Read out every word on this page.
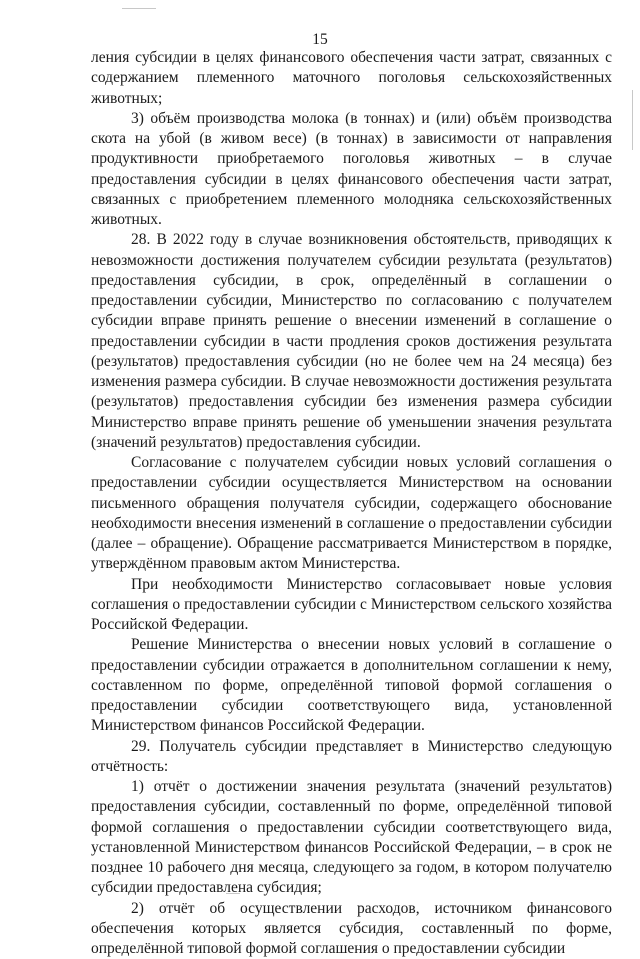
15

ления субсидии в целях финансового обеспечения части затрат, связанных с содержанием племенного маточного поголовья сельскохозяйственных животных;

3) объём производства молока (в тоннах) и (или) объём производства скота на убой (в живом весе) (в тоннах) в зависимости от направления продуктивности приобретаемого поголовья животных – в случае предоставления субсидии в целях финансового обеспечения части затрат, связанных с приобретением племенного молодняка сельскохозяйственных животных.

28. В 2022 году в случае возникновения обстоятельств, приводящих к невозможности достижения получателем субсидии результата (результатов) предоставления субсидии, в срок, определённый в соглашении о предоставлении субсидии, Министерство по согласованию с получателем субсидии вправе принять решение о внесении изменений в соглашение о предоставлении субсидии в части продления сроков достижения результата (результатов) предоставления субсидии (но не более чем на 24 месяца) без изменения размера субсидии. В случае невозможности достижения результата (результатов) предоставления субсидии без изменения размера субсидии Министерство вправе принять решение об уменьшении значения результата (значений результатов) предоставления субсидии.

Согласование с получателем субсидии новых условий соглашения о предоставлении субсидии осуществляется Министерством на основании письменного обращения получателя субсидии, содержащего обоснование необходимости внесения изменений в соглашение о предоставлении субсидии (далее – обращение). Обращение рассматривается Министерством в порядке, утверждённом правовым актом Министерства.

При необходимости Министерство согласовывает новые условия соглашения о предоставлении субсидии с Министерством сельского хозяйства Российской Федерации.

Решение Министерства о внесении новых условий в соглашение о предоставлении субсидии отражается в дополнительном соглашении к нему, составленном по форме, определённой типовой формой соглашения о предоставлении субсидии соответствующего вида, установленной Министерством финансов Российской Федерации.

29. Получатель субсидии представляет в Министерство следующую отчётность:

1) отчёт о достижении значения результата (значений результатов) предоставления субсидии, составленный по форме, определённой типовой формой соглашения о предоставлении субсидии соответствующего вида, установленной Министерством финансов Российской Федерации, – в срок не позднее 10 рабочего дня месяца, следующего за годом, в котором получателю субсидии предоставлена субсидия;

2) отчёт об осуществлении расходов, источником финансового обеспечения которых является субсидия, составленный по форме, определённой типовой формой соглашения о предоставлении субсидии
